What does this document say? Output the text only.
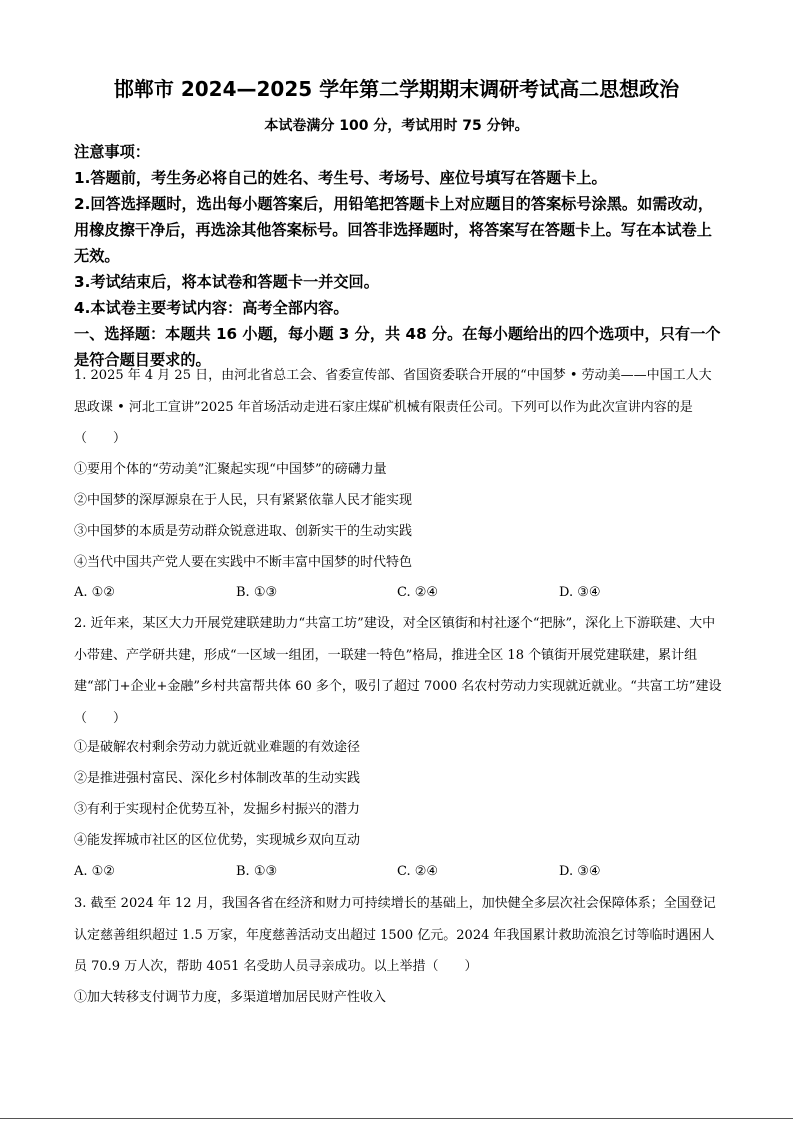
邯郸市 2024—2025 学年第二学期期末调研考试高二思想政治
本试卷满分 100 分，考试用时 75 分钟。

注意事项：

1.答题前，考生务必将自己的姓名、考生号、考场号、座位号填写在答题卡上。

2.回答选择题时，选出每小题答案后，用铅笔把答题卡上对应题目的答案标号涂黑。如需改动，用橡皮擦干净后，再选涂其他答案标号。回答非选择题时，将答案写在答题卡上。写在本试卷上无效。

3.考试结束后，将本试卷和答题卡一并交回。

4.本试卷主要考试内容：高考全部内容。

一、选择题：本题共 16 小题，每小题 3 分，共 48 分。在每小题给出的四个选项中，只有一个是符合题目要求的。

1. 2025 年 4 月 25 日，由河北省总工会、省委宣传部、省国资委联合开展的“中国梦 • 劳动美——中国工人大思政课 • 河北工宣讲”2025 年首场活动走进石家庄煤矿机械有限责任公司。下列可以作为此次宣讲内容的是（　　）

①要用个体的“劳动美”汇聚起实现“中国梦”的磅礴力量
②中国梦的深厚源泉在于人民，只有紧紧依靠人民才能实现
③中国梦的本质是劳动群众锐意进取、创新实干的生动实践
④当代中国共产党人要在实践中不断丰富中国梦的时代特色
A. ①②	B. ①③	C. ②④	D. ③④

2. 近年来，某区大力开展党建联建助力“共富工坊”建设，对全区镇街和村社逐个“把脉”，深化上下游联建、大中小带建、产学研共建，形成“一区域一组团，一联建一特色”格局，推进全区 18 个镇街开展党建联建，累计组建“部门+企业+金融”乡村共富帮共体 60 多个，吸引了超过 7000 名农村劳动力实现就近就业。“共富工坊”建设（　　）

①是破解农村剩余劳动力就近就业难题的有效途径
②是推进强村富民、深化乡村体制改革的生动实践
③有利于实现村企优势互补，发掘乡村振兴的潜力
④能发挥城市社区的区位优势，实现城乡双向互动
A. ①②	B. ①③	C. ②④	D. ③④

3. 截至 2024 年 12 月，我国各省在经济和财力可持续增长的基础上，加快健全多层次社会保障体系；全国登记认定慈善组织超过 1.5 万家，年度慈善活动支出超过 1500 亿元。2024 年我国累计救助流浪乞讨等临时遇困人员 70.9 万人次，帮助 4051 名受助人员寻亲成功。以上举措（　　）

①加大转移支付调节力度，多渠道增加居民财产性收入
